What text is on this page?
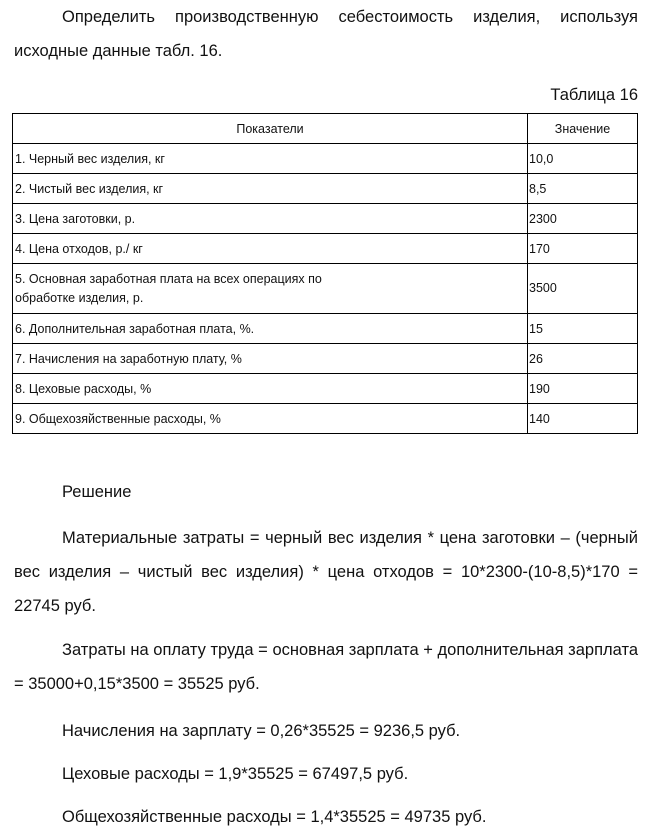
Определить производственную себестоимость изделия, используя исходные данные табл. 16.

Таблица 16
Показатели	Значение
1. Черный вес изделия, кг	10,0
2. Чистый вес изделия, кг	8,5
3. Цена заготовки, р.	2300
4. Цена отходов, р./ кг	170
5. Основная заработная плата на всех операциях по обработке изделия, р.	3500
6. Дополнительная заработная плата, %.	15
7. Начисления на заработную плату, %	26
8. Цеховые расходы, %	190
9. Общехозяйственные расходы, %	140
Решение

Материальные затраты = черный вес изделия * цена заготовки – (черный вес изделия – чистый вес изделия) * цена отходов = 10*2300-(10-8,5)*170 = 22745 руб.

Затраты на оплату труда = основная зарплата + дополнительная зарплата = 35000+0,15*3500 = 35525 руб.

Начисления на зарплату = 0,26*35525 = 9236,5 руб.

Цеховые расходы = 1,9*35525 = 67497,5 руб.

Общехозяйственные расходы = 1,4*35525 = 49735 руб.
